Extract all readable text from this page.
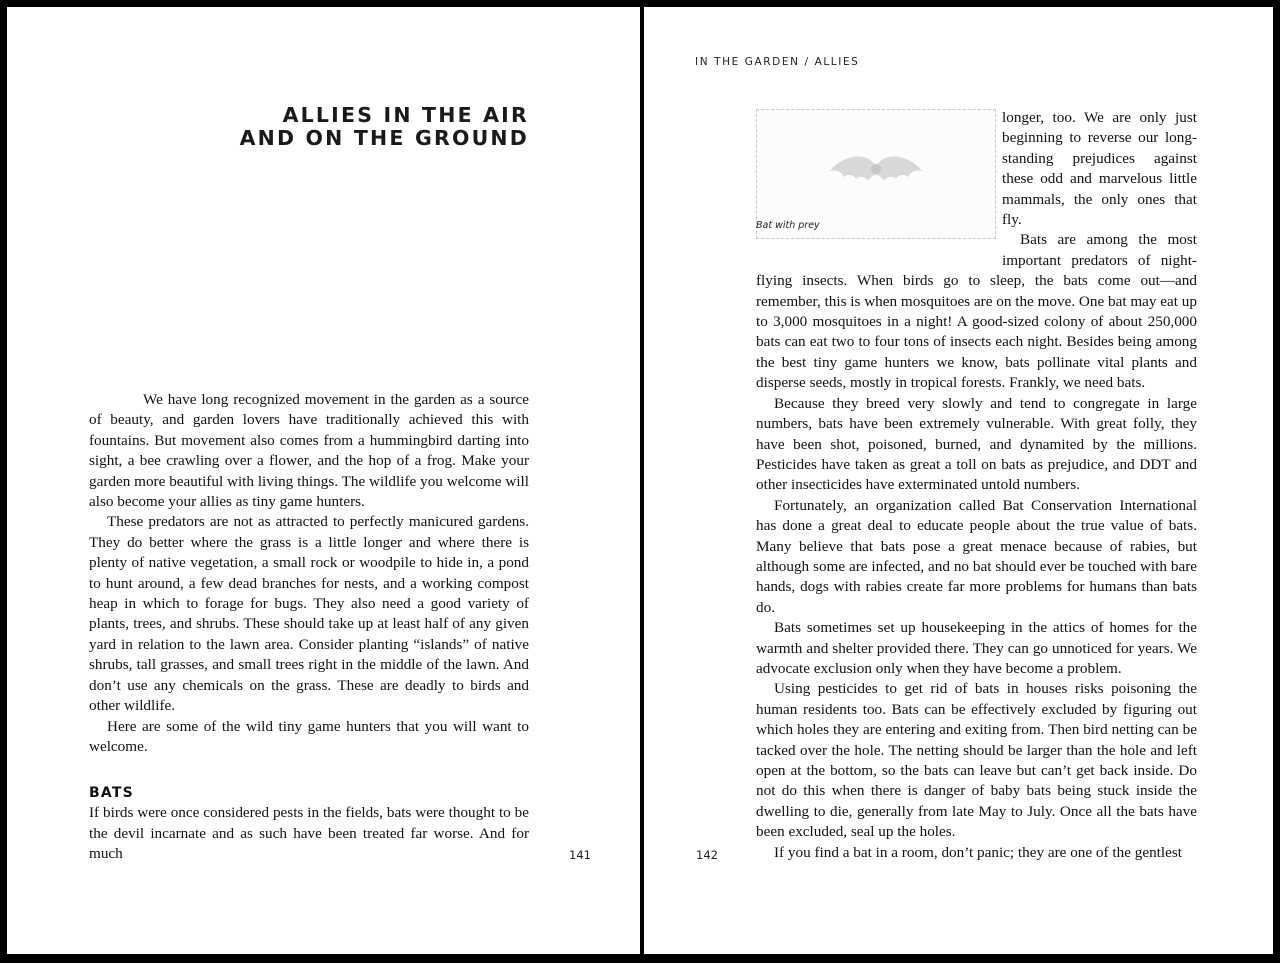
ALLIES IN THE AIR
AND ON THE GROUND

We have long recognized movement in the garden as a source of beauty, and garden lovers have traditionally achieved this with fountains. But movement also comes from a hummingbird darting into sight, a bee crawling over a flower, and the hop of a frog. Make your garden more beautiful with living things. The wildlife you welcome will also become your allies as tiny game hunters.

These predators are not as attracted to perfectly manicured gardens. They do better where the grass is a little longer and where there is plenty of native vegetation, a small rock or woodpile to hide in, a pond to hunt around, a few dead branches for nests, and a working compost heap in which to forage for bugs. They also need a good variety of plants, trees, and shrubs. These should take up at least half of any given yard in relation to the lawn area. Consider planting “islands” of native shrubs, tall grasses, and small trees right in the middle of the lawn. And don’t use any chemicals on the grass. These are deadly to birds and other wildlife.

Here are some of the wild tiny game hunters that you will want to welcome.

BATS

If birds were once considered pests in the fields, bats were thought to be the devil incarnate and as such have been treated far worse. And for much	141
IN THE GARDEN / ALLIES
Bat with prey

longer, too. We are only just beginning to reverse our long-standing prejudices against these odd and marvelous little mammals, the only ones that fly.

Bats are among the most important predators of night-flying insects. When birds go to sleep, the bats come out—and remember, this is when mosquitoes are on the move. One bat may eat up to 3,000 mosquitoes in a night! A good-sized colony of about 250,000 bats can eat two to four tons of insects each night. Besides being among the best tiny game hunters we know, bats pollinate vital plants and disperse seeds, mostly in tropical forests. Frankly, we need bats.

Because they breed very slowly and tend to congregate in large numbers, bats have been extremely vulnerable. With great folly, they have been shot, poisoned, burned, and dynamited by the millions. Pesticides have taken as great a toll on bats as prejudice, and DDT and other insecticides have exterminated untold numbers.

Fortunately, an organization called Bat Conservation International has done a great deal to educate people about the true value of bats. Many believe that bats pose a great menace because of rabies, but although some are infected, and no bat should ever be touched with bare hands, dogs with rabies create far more problems for humans than bats do.

Bats sometimes set up housekeeping in the attics of homes for the warmth and shelter provided there. They can go unnoticed for years. We advocate exclusion only when they have become a problem.

Using pesticides to get rid of bats in houses risks poisoning the human residents too. Bats can be effectively excluded by figuring out which holes they are entering and exiting from. Then bird netting can be tacked over the hole. The netting should be larger than the hole and left open at the bottom, so the bats can leave but can’t get back inside. Do not do this when there is danger of baby bats being stuck inside the dwelling to die, generally from late May to July. Once all the bats have been excluded, seal up the holes.

If you find a bat in a room, don’t panic; they are one of the gentlest

142
